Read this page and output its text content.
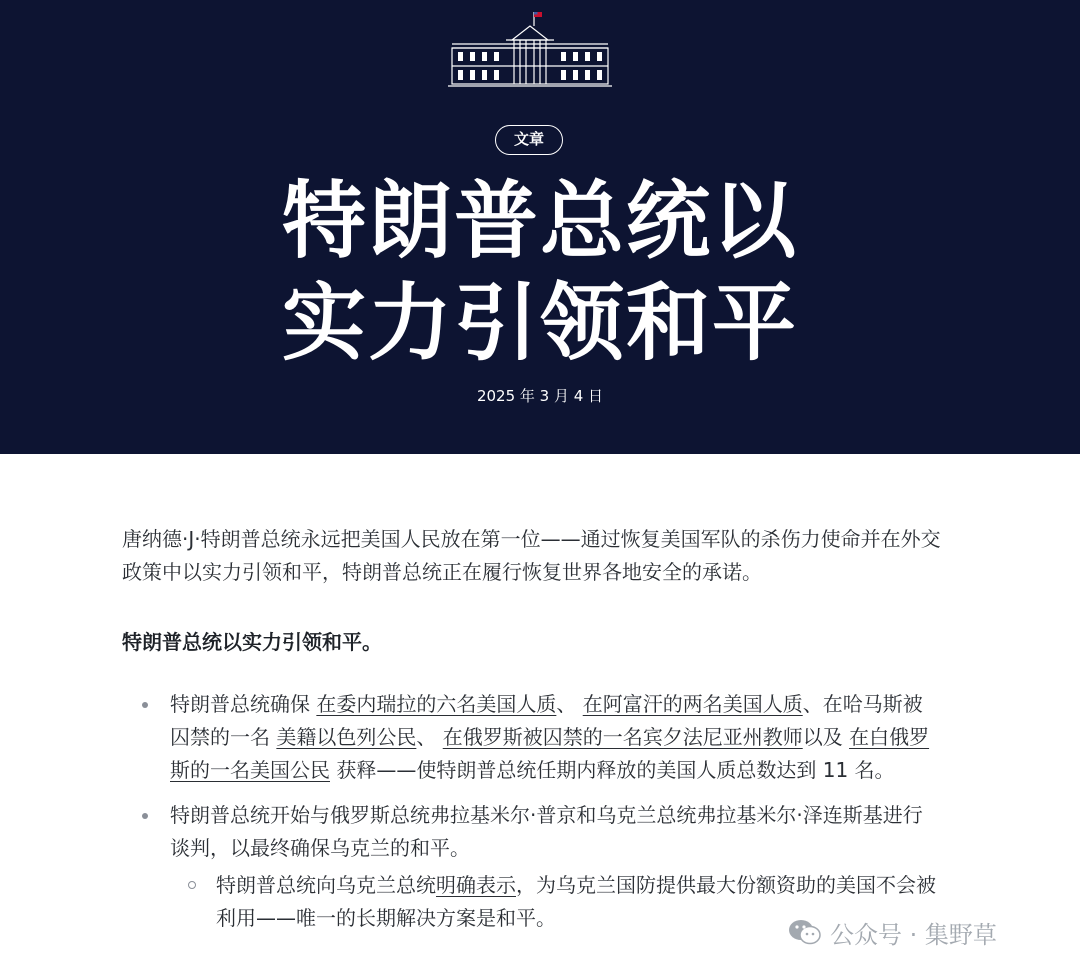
文章
特朗普总统以
实力引领和平
2025 年 3 月 4 日

唐纳德·J·特朗普总统永远把美国人民放在第一位——通过恢复美国军队的杀伤力使命并在外交政策中以实力引领和平，特朗普总统正在履行恢复世界各地安全的承诺。

特朗普总统以实力引领和平。

特朗普总统确保 在委内瑞拉的六名美国人质、 在阿富汗的两名美国人质、在哈马斯被囚禁的一名 美籍以色列公民、 在俄罗斯被囚禁的一名宾夕法尼亚州教师以及 在白俄罗斯的一名美国公民 获释——使特朗普总统任期内释放的美国人质总数达到 11 名。
特朗普总统开始与俄罗斯总统弗拉基米尔·普京和乌克兰总统弗拉基米尔·泽连斯基进行谈判，以最终确保乌克兰的和平。
特朗普总统向乌克兰总统明确表示，为乌克兰国防提供最大份额资助的美国不会被利用——唯一的长期解决方案是和平。
公众号 · 集野草
